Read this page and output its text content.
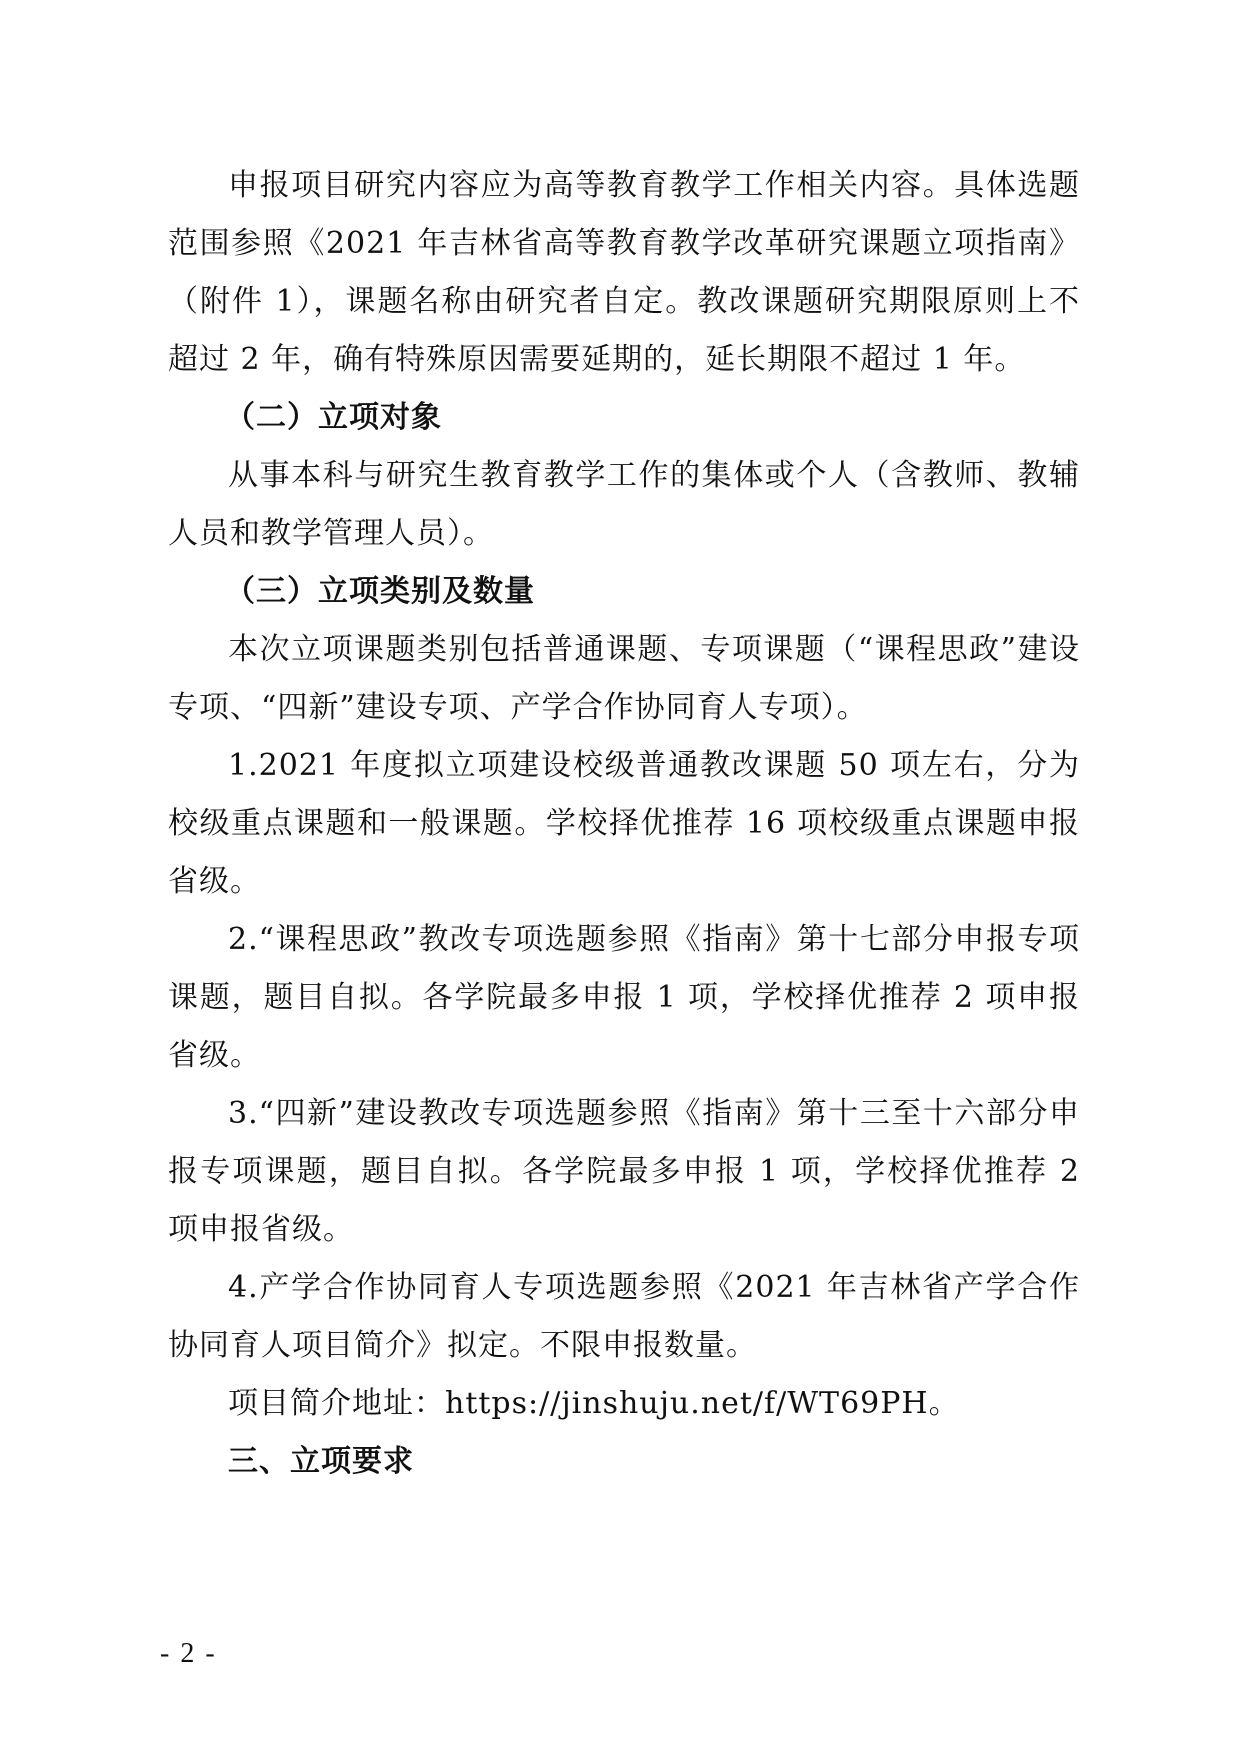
申报项目研究内容应为高等教育教学工作相关内容。具体选题范围参照《2021 年吉林省高等教育教学改革研究课题立项指南》（附件 1），课题名称由研究者自定。教改课题研究期限原则上不超过 2 年，确有特殊原因需要延期的，延长期限不超过 1 年。

（二）立项对象

从事本科与研究生教育教学工作的集体或个人（含教师、教辅人员和教学管理人员）。

（三）立项类别及数量

本次立项课题类别包括普通课题、专项课题（“课程思政”建设专项、“四新”建设专项、产学合作协同育人专项）。

1.2021 年度拟立项建设校级普通教改课题 50 项左右，分为校级重点课题和一般课题。学校择优推荐 16 项校级重点课题申报省级。

2.“课程思政”教改专项选题参照《指南》第十七部分申报专项课题，题目自拟。各学院最多申报 1 项，学校择优推荐 2 项申报省级。

3.“四新”建设教改专项选题参照《指南》第十三至十六部分申报专项课题，题目自拟。各学院最多申报 1 项，学校择优推荐 2 项申报省级。

4.产学合作协同育人专项选题参照《2021 年吉林省产学合作协同育人项目简介》拟定。不限申报数量。

项目简介地址：https://jinshuju.net/f/WT69PH。

三、立项要求

- 2 -
